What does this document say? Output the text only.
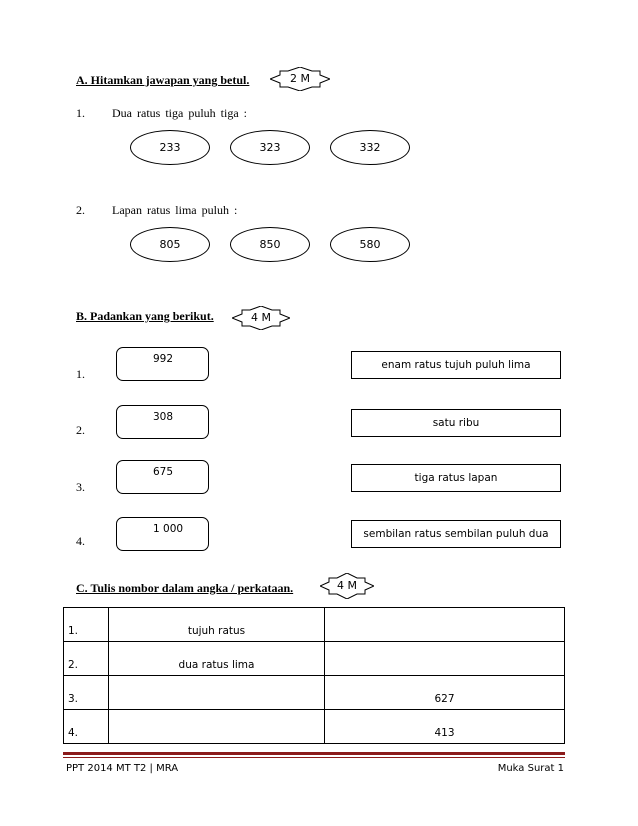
A. Hitamkan jawapan yang betul.	2 M
1. Dua ratus tiga puluh tiga :
233	323	332
2. Lapan ratus lima puluh :
805	850	580
B. Padankan yang berikut.	4 M
1.
992	enam ratus tujuh puluh lima
2.
308	satu ribu
3.
675	tiga ratus lapan
4.
1 000	sembilan ratus sembilan puluh dua
C. Tulis nombor dalam angka / perkataan.	4 M
1.	tujuh ratus	
2.	dua ratus lima	
3.		627
4.		413
PPT 2014 MT T2 | MRA	Muka Surat 1
